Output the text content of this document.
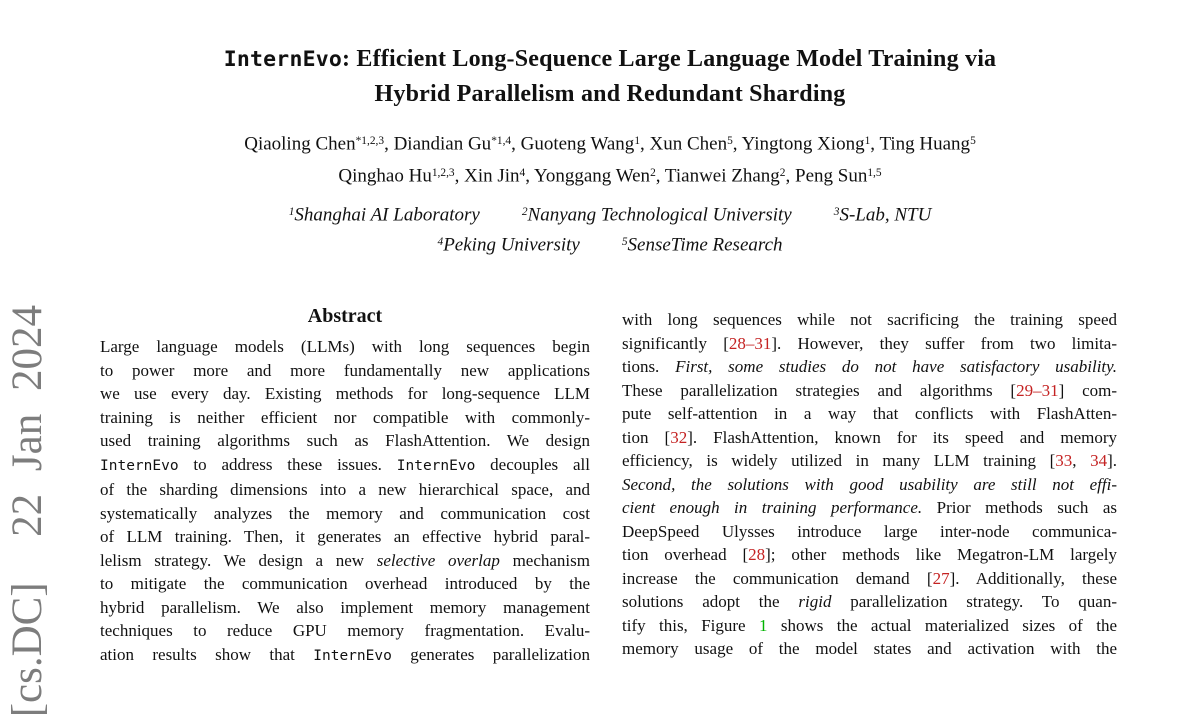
[cs.DC]  22 Jan 2024
InternEvo: Efficient Long-Sequence Large Language Model Training via
Hybrid Parallelism and Redundant Sharding
Qiaoling Chen$^{*1,2,3}$, Diandian Gu$^{*1,4}$, Guoteng Wang$^1$, Xun Chen$^5$, Yingtong Xiong$^1$, Ting Huang$^5$
Qinghao Hu$^{1,2,3}$, Xin Jin$^4$, Yonggang Wen$^2$, Tianwei Zhang$^2$, Peng Sun$^{1,5}$
$^1$Shanghai AI Laboratory	$^2$Nanyang Technological University	$^3$S-Lab, NTU
$^4$Peking University	$^5$SenseTime Research
Abstract
Large language models (LLMs) with long sequences begin
to power more and more fundamentally new applications
we use every day. Existing methods for long-sequence LLM
training is neither efficient nor compatible with commonly-
used training algorithms such as FlashAttention. We design
InternEvo to address these issues. InternEvo decouples all
of the sharding dimensions into a new hierarchical space, and
systematically analyzes the memory and communication cost
of LLM training. Then, it generates an effective hybrid paral-
lelism strategy. We design a new selective overlap mechanism
to mitigate the communication overhead introduced by the
hybrid parallelism. We also implement memory management
techniques to reduce GPU memory fragmentation. Evalu-
ation results show that InternEvo generates parallelization
with long sequences while not sacrificing the training speed
significantly [28–31]. However, they suffer from two limita-
tions. First, some studies do not have satisfactory usability.
These parallelization strategies and algorithms [29–31] com-
pute self-attention in a way that conflicts with FlashAtten-
tion [32]. FlashAttention, known for its speed and memory
efficiency, is widely utilized in many LLM training [33, 34].
Second, the solutions with good usability are still not effi-
cient enough in training performance. Prior methods such as
DeepSpeed Ulysses introduce large inter-node communica-
tion overhead [28]; other methods like Megatron-LM largely
increase the communication demand [27]. Additionally, these
solutions adopt the rigid parallelization strategy. To quan-
tify this, Figure 1 shows the actual materialized sizes of the
memory usage of the model states and activation with the
